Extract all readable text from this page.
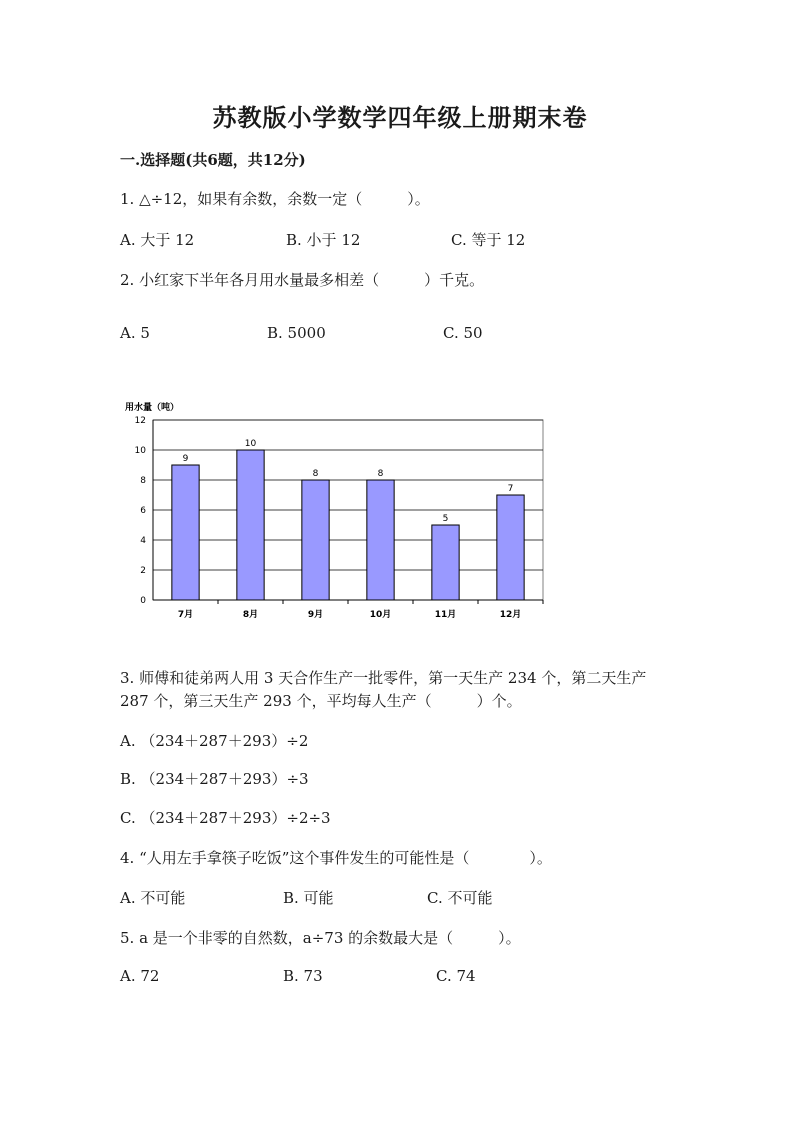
苏教版小学数学四年级上册期末卷
一.选择题(共6题，共12分)
1. △÷12，如果有余数，余数一定（　　　）。
A. 大于 12	B. 小于 12	C. 等于 12
2. 小红家下半年各月用水量最多相差（　　　）千克。
A. 5	B. 5000	C. 50
用水量（吨）
0
2
4
6
8
10
12
9
7月
10
8月
8
9月
8
10月
5
11月
7
12月
3. 师傅和徒弟两人用 3 天合作生产一批零件，第一天生产 234 个，第二天生产
287 个，第三天生产 293 个，平均每人生产（　　　）个。
A. （234＋287＋293）÷2
B. （234＋287＋293）÷3
C. （234＋287＋293）÷2÷3
4. “人用左手拿筷子吃饭”这个事件发生的可能性是（　　　　）。
A. 不可能	B. 可能	C. 不可能
5. a 是一个非零的自然数，a÷73 的余数最大是（　　　）。
A. 72	B. 73	C. 74
